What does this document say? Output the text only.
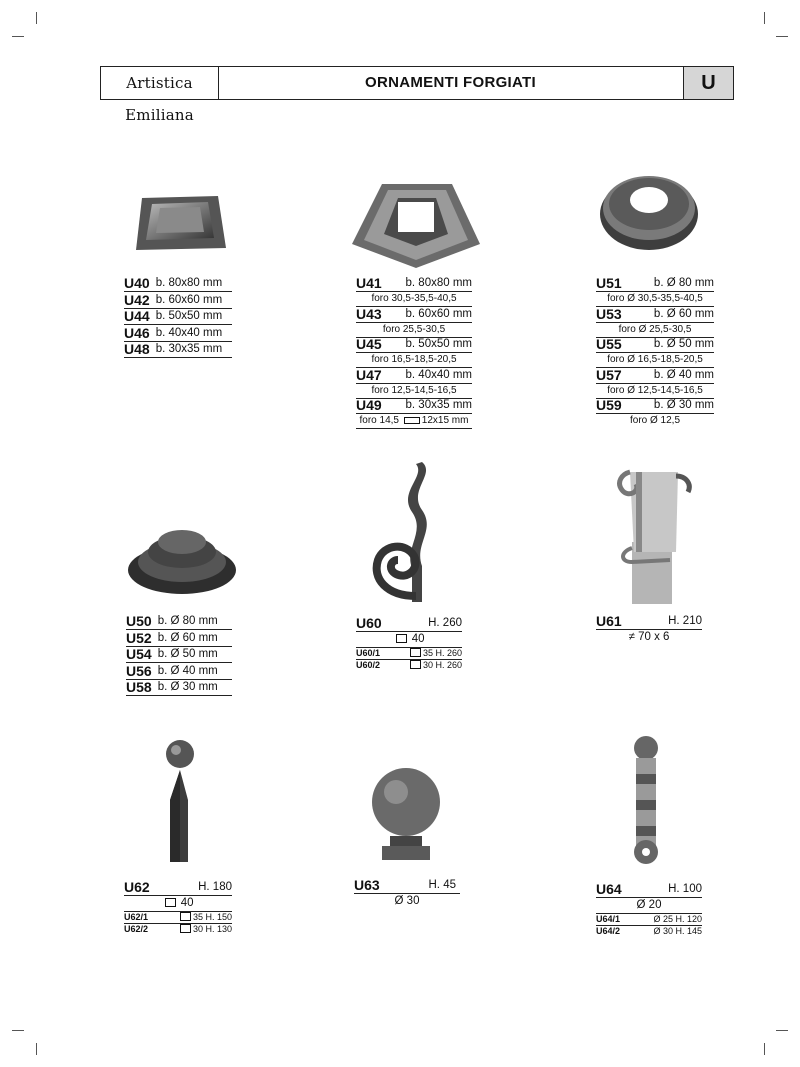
Artistica Emiliana
ORNAMENTI FORGIATI	U
U40 b. 80x80 mm
U42 b. 60x60 mm
U44 b. 50x50 mm
U46 b. 40x40 mm
U48 b. 30x35 mm
U41 b. 80x80 mm
foro 30,5-35,5-40,5
U43 b. 60x60 mm
foro 25,5-30,5
U45 b. 50x50 mm
foro 16,5-18,5-20,5
U47 b. 40x40 mm
foro 12,5-14,5-16,5
U49 b. 30x35 mm
foro 14,5 12x15 mm
U51	b. Ø 80 mm
foro Ø 30,5-35,5-40,5
U53	b. Ø 60 mm
foro Ø 25,5-30,5
U55	b. Ø 50 mm
foro Ø 16,5-18,5-20,5
U57	b. Ø 40 mm
foro Ø 12,5-14,5-16,5
U59	b. Ø 30 mm
foro Ø 12,5
U50 b. Ø 80 mm
U52 b. Ø 60 mm
U54 b. Ø 50 mm
U56 b. Ø 40 mm
U58 b. Ø 30 mm
U60	H. 260
40
U60/1	35 H. 260
U60/2	30 H. 260
U61	H. 210
≠ 70 x 6
U62	H. 180
40
U62/1	35 H. 150
U62/2	30 H. 130
U63	H. 45
Ø 30
U64	H. 100
Ø 20
U64/1	Ø 25 H. 120
U64/2	Ø 30 H. 145
